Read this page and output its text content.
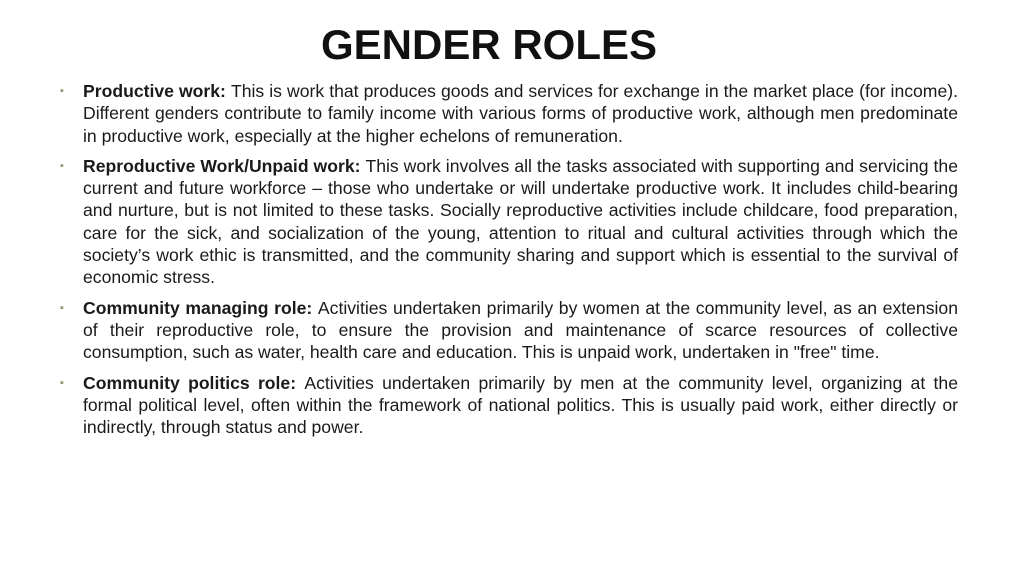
GENDER ROLES
▪	Productive work: This is work that produces goods and services for exchange in the market place (for income). Different genders contribute to family income with various forms of productive work, although men predominate in productive work, especially at the higher echelons of remuneration.
▪	Reproductive Work/Unpaid work: This work involves all the tasks associated with supporting and servicing the current and future workforce – those who undertake or will undertake productive work. It includes child-bearing and nurture, but is not limited to these tasks. Socially reproductive activities include childcare, food preparation, care for the sick, and socialization of the young, attention to ritual and cultural activities through which the society’s work ethic is transmitted, and the community sharing and support which is essential to the survival of economic stress.
▪	Community managing role: Activities undertaken primarily by women at the community level, as an extension of their reproductive role, to ensure the provision and maintenance of scarce resources of collective consumption, such as water, health care and education. This is unpaid work, undertaken in "free" time.
▪	Community politics role: Activities undertaken primarily by men at the community level, organizing at the formal political level, often within the framework of national politics. This is usually paid work, either directly or indirectly, through status and power.
